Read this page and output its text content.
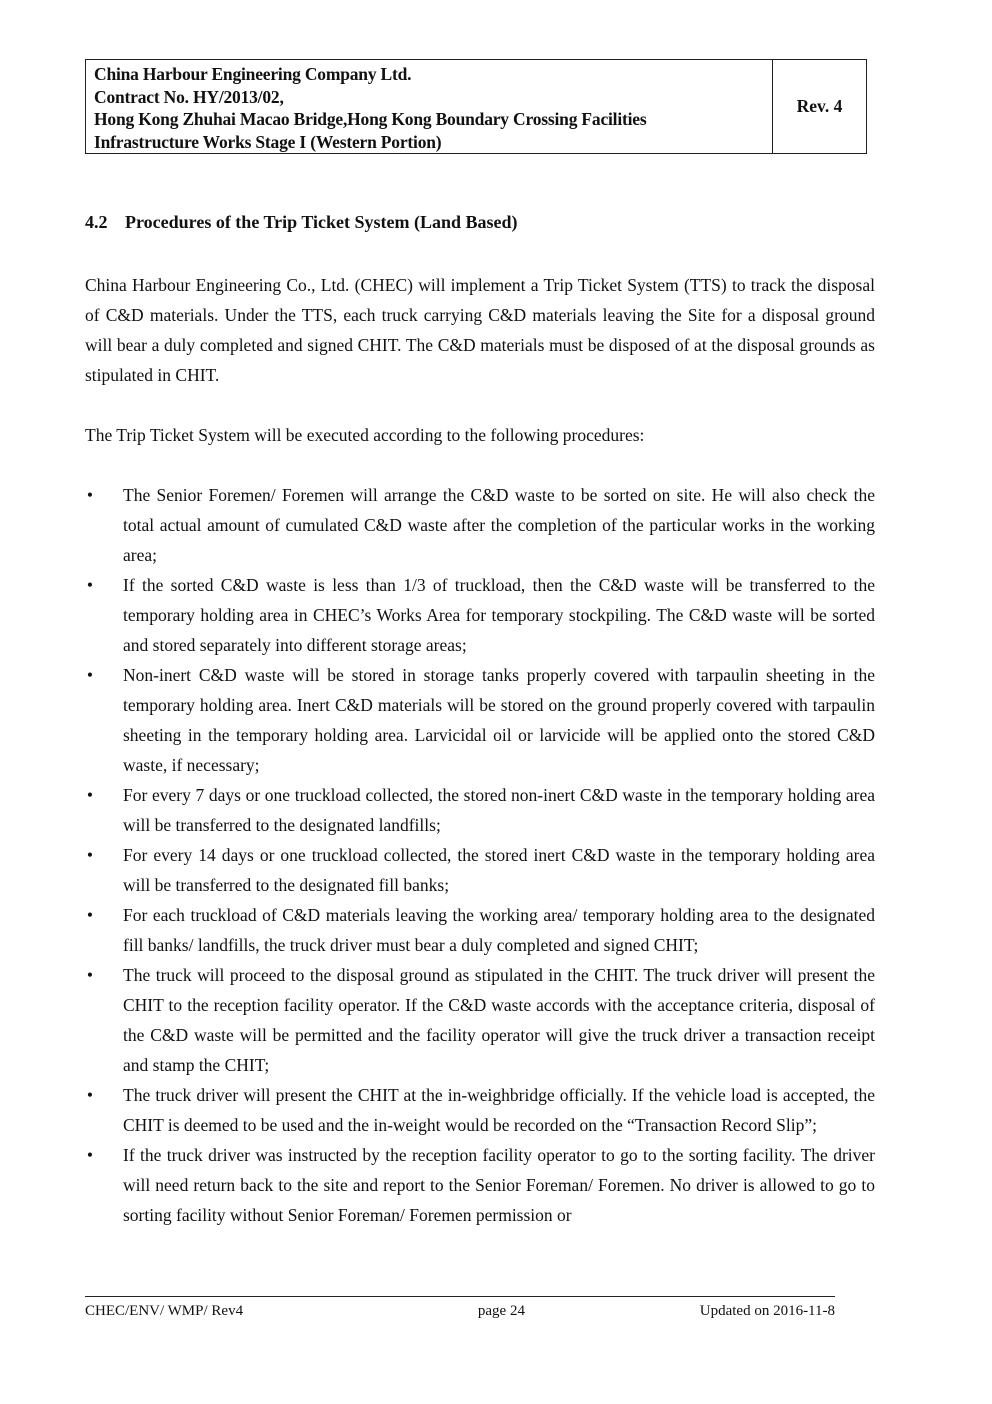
China Harbour Engineering Company Ltd.
Contract No. HY/2013/02,
Hong Kong Zhuhai Macao Bridge,Hong Kong Boundary Crossing Facilities
Infrastructure Works Stage I (Western Portion)
Rev. 4
4.2 Procedures of the Trip Ticket System (Land Based)

China Harbour Engineering Co., Ltd. (CHEC) will implement a Trip Ticket System (TTS) to track the disposal of C&D materials. Under the TTS, each truck carrying C&D materials leaving the Site for a disposal ground will bear a duly completed and signed CHIT. The C&D materials must be disposed of at the disposal grounds as stipulated in CHIT.

The Trip Ticket System will be executed according to the following procedures:

• The Senior Foremen/ Foremen will arrange the C&D waste to be sorted on site. He will also check the total actual amount of cumulated C&D waste after the completion of the particular works in the working area;
• If the sorted C&D waste is less than 1/3 of truckload, then the C&D waste will be transferred to the temporary holding area in CHEC’s Works Area for temporary stockpiling. The C&D waste will be sorted and stored separately into different storage areas;
• Non-inert C&D waste will be stored in storage tanks properly covered with tarpaulin sheeting in the temporary holding area. Inert C&D materials will be stored on the ground properly covered with tarpaulin sheeting in the temporary holding area. Larvicidal oil or larvicide will be applied onto the stored C&D waste, if necessary;
• For every 7 days or one truckload collected, the stored non-inert C&D waste in the temporary holding area will be transferred to the designated landfills;
• For every 14 days or one truckload collected, the stored inert C&D waste in the temporary holding area will be transferred to the designated fill banks;
• For each truckload of C&D materials leaving the working area/ temporary holding area to the designated fill banks/ landfills, the truck driver must bear a duly completed and signed CHIT;
• The truck will proceed to the disposal ground as stipulated in the CHIT. The truck driver will present the CHIT to the reception facility operator. If the C&D waste accords with the acceptance criteria, disposal of the C&D waste will be permitted and the facility operator will give the truck driver a transaction receipt and stamp the CHIT;
• The truck driver will present the CHIT at the in-weighbridge officially. If the vehicle load is accepted, the CHIT is deemed to be used and the in-weight would be recorded on the “Transaction Record Slip”;
• If the truck driver was instructed by the reception facility operator to go to the sorting facility. The driver will need return back to the site and report to the Senior Foreman/ Foremen. No driver is allowed to go to sorting facility without Senior Foreman/ Foremen permission or
CHEC/ENV/ WMP/ Rev4	page 24	Updated on 2016-11-8
